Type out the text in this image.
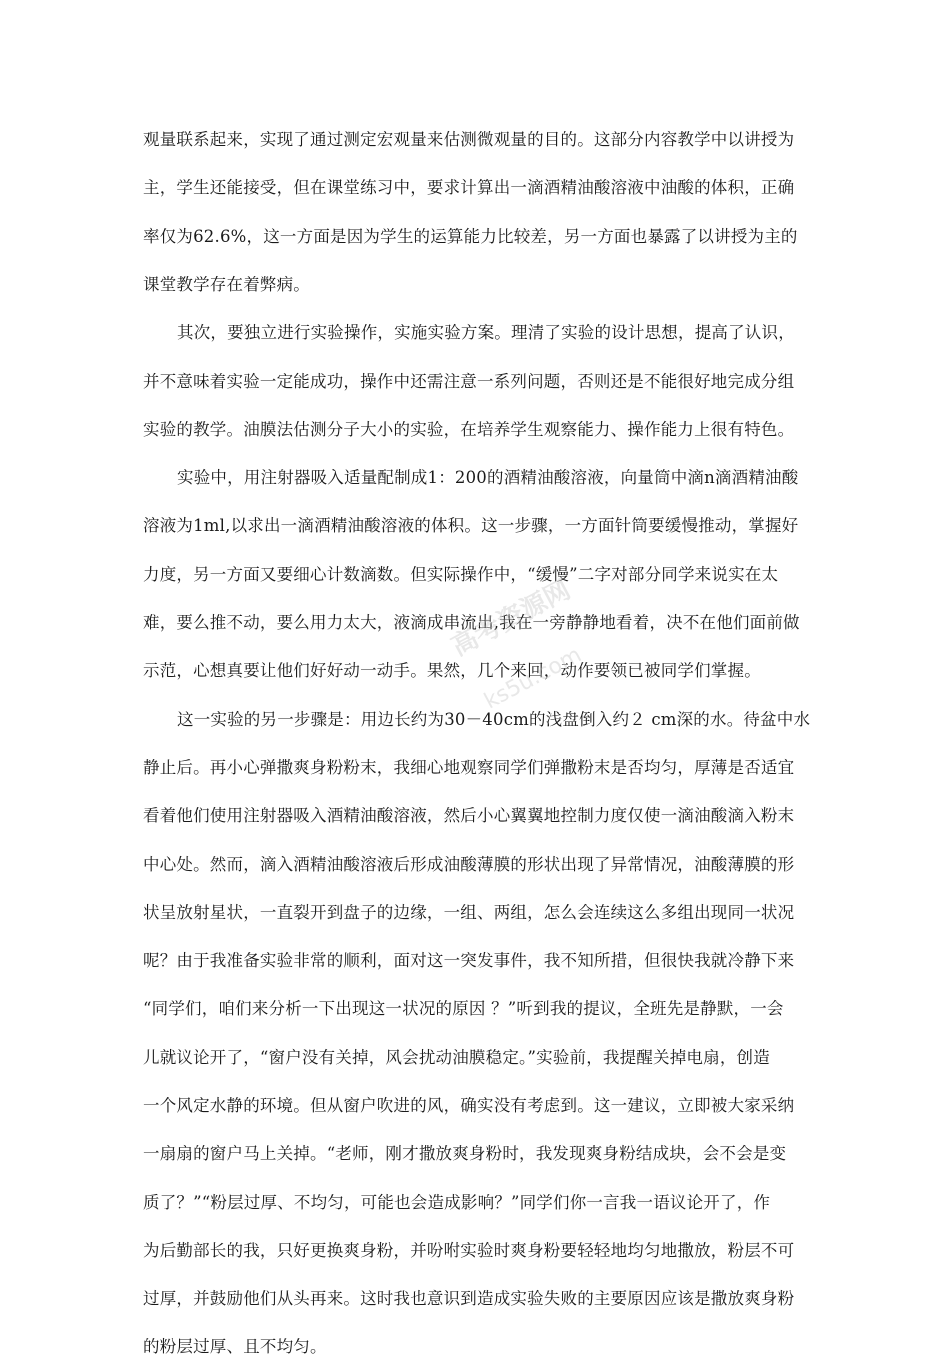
观量联系起来，实现了通过测定宏观量来估测微观量的目的。这部分内容教学中以讲授为
主，学生还能接受，但在课堂练习中，要求计算出一滴酒精油酸溶液中油酸的体积，正确
率仅为62.6%，这一方面是因为学生的运算能力比较差，另一方面也暴露了以讲授为主的
课堂教学存在着弊病。
其次，要独立进行实验操作，实施实验方案。理清了实验的设计思想，提高了认识，
并不意味着实验一定能成功，操作中还需注意一系列问题，否则还是不能很好地完成分组
实验的教学。油膜法估测分子大小的实验，在培养学生观察能力、操作能力上很有特色。
实验中，用注射器吸入适量配制成1：200的酒精油酸溶液，向量筒中滴n滴酒精油酸
溶液为1ml,以求出一滴酒精油酸溶液的体积。这一步骤，一方面针筒要缓慢推动，掌握好
力度，另一方面又要细心计数滴数。但实际操作中，“缓慢”二字对部分同学来说实在太
难，要么推不动，要么用力太大，液滴成串流出,我在一旁静静地看着，决不在他们面前做
示范，心想真要让他们好好动一动手。果然，几个来回，动作要领已被同学们掌握。
这一实验的另一步骤是：用边长约为30－40cm的浅盘倒入约２ cm深的水。待盆中水
静止后。再小心弹撒爽身粉粉末，我细心地观察同学们弹撒粉末是否均匀，厚薄是否适宜
看着他们使用注射器吸入酒精油酸溶液，然后小心翼翼地控制力度仅使一滴油酸滴入粉末
中心处。然而，滴入酒精油酸溶液后形成油酸薄膜的形状出现了异常情况，油酸薄膜的形
状呈放射星状，一直裂开到盘子的边缘，一组、两组，怎么会连续这么多组出现同一状况
呢？由于我准备实验非常的顺利，面对这一突发事件，我不知所措，但很快我就冷静下来
“同学们，咱们来分析一下出现这一状况的原因 ？”听到我的提议，全班先是静默，一会
儿就议论开了，“窗户没有关掉，风会扰动油膜稳定。”实验前，我提醒关掉电扇，创造
一个风定水静的环境。但从窗户吹进的风，确实没有考虑到。这一建议，立即被大家采纳
一扇扇的窗户马上关掉。“老师，刚才撒放爽身粉时，我发现爽身粉结成块，会不会是变
质了？”“粉层过厚、不均匀，可能也会造成影响？”同学们你一言我一语议论开了，作
为后勤部长的我，只好更换爽身粉，并吩咐实验时爽身粉要轻轻地均匀地撒放，粉层不可
过厚，并鼓励他们从头再来。这时我也意识到造成实验失败的主要原因应该是撒放爽身粉
的粉层过厚、且不均匀。
高考资源网
ks5u.com
